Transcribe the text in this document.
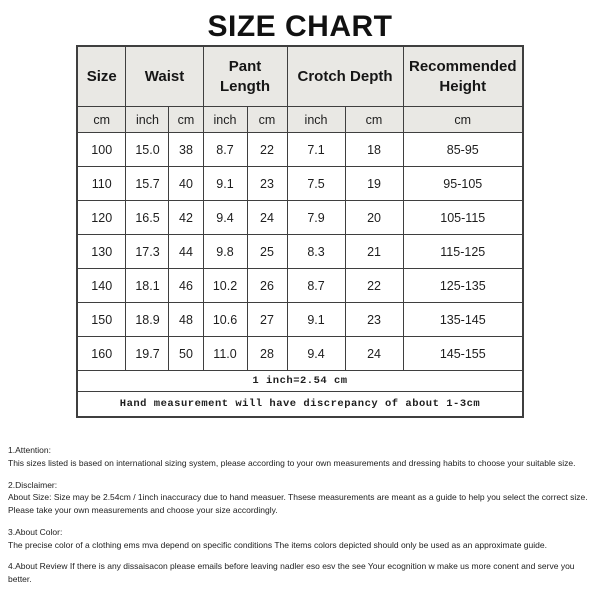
SIZE CHART
Size	Waist		Pant Length		Crotch Depth		Recommended Height
cm	inch	cm	inch	cm	inch	cm	cm
100	15.0	38	8.7	22	7.1	18	85-95
110	15.7	40	9.1	23	7.5	19	95-105
120	16.5	42	9.4	24	7.9	20	105-115
130	17.3	44	9.8	25	8.3	21	115-125
140	18.1	46	10.2	26	8.7	22	125-135
150	18.9	48	10.6	27	9.1	23	135-145
160	19.7	50	11.0	28	9.4	24	145-155
1 inch=2.54 cm							
Hand measurement will have discrepancy of about 1-3cm							
1.Attention:
This sizes listed is based on international sizing system, please according to your own measurements and dressing habits to choose your suitable size.
2.Disclaimer:
About Size: Size may be 2.54cm / 1inch inaccuracy due to hand measuer. Thsese measurements are meant as a guide to help you select the correct size. Please take your own measurements and choose your size accordingly.
3.About Color:
The precise color of a clothing ems mva depend on specific conditions The items colors depicted should only be used as an approximate guide.
4.About Review If there is any dissaisacon please emails before leaving nadler eso esv the see Your ecognition w make us more conent and serve you better.
